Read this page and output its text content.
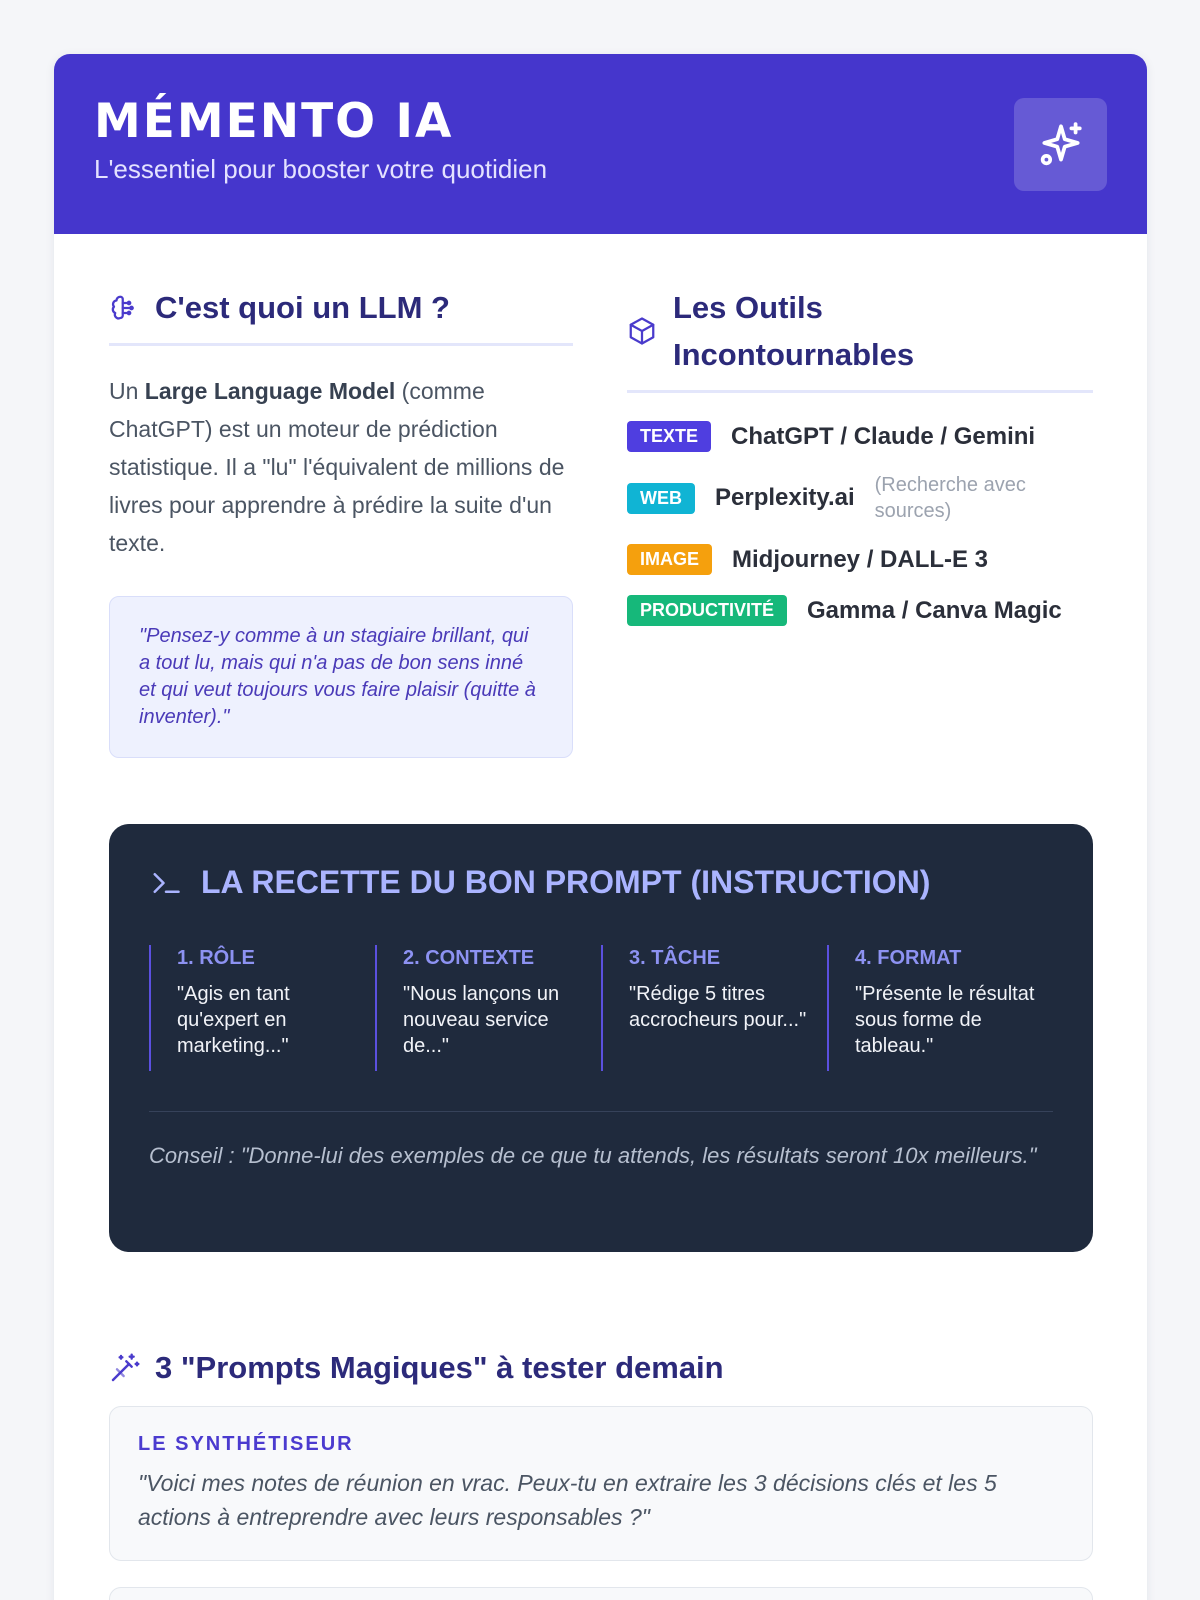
MÉMENTO IA
L'essentiel pour booster votre quotidien
C'est quoi un LLM ?

Un Large Language Model (comme ChatGPT) est un moteur de prédiction statistique. Il a "lu" l'équivalent de millions de livres pour apprendre à prédire la suite d'un texte.

"Pensez-y comme à un stagiaire brillant, qui a tout lu, mais qui n'a pas de bon sens inné et qui veut toujours vous faire plaisir (quitte à inventer)."
Les Outils Incontournables
TEXTE	ChatGPT / Claude / Gemini
WEB	Perplexity.ai (Recherche avec sources)
IMAGE	Midjourney / DALL-E 3
PRODUCTIVITÉ	Gamma / Canva Magic
LA RECETTE DU BON PROMPT (INSTRUCTION)
1. RÔLE
"Agis en tant qu'expert en marketing..."
2. CONTEXTE
"Nous lançons un nouveau service de..."
3. TÂCHE
"Rédige 5 titres accrocheurs pour..."
4. FORMAT
"Présente le résultat sous forme de tableau."

Conseil : "Donne-lui des exemples de ce que tu attends, les résultats seront 10x meilleurs."

3 "Prompts Magiques" à tester demain
LE SYNTHÉTISEUR

"Voici mes notes de réunion en vrac. Peux-tu en extraire les 3 décisions clés et les 5 actions à entreprendre avec leurs responsables ?"
